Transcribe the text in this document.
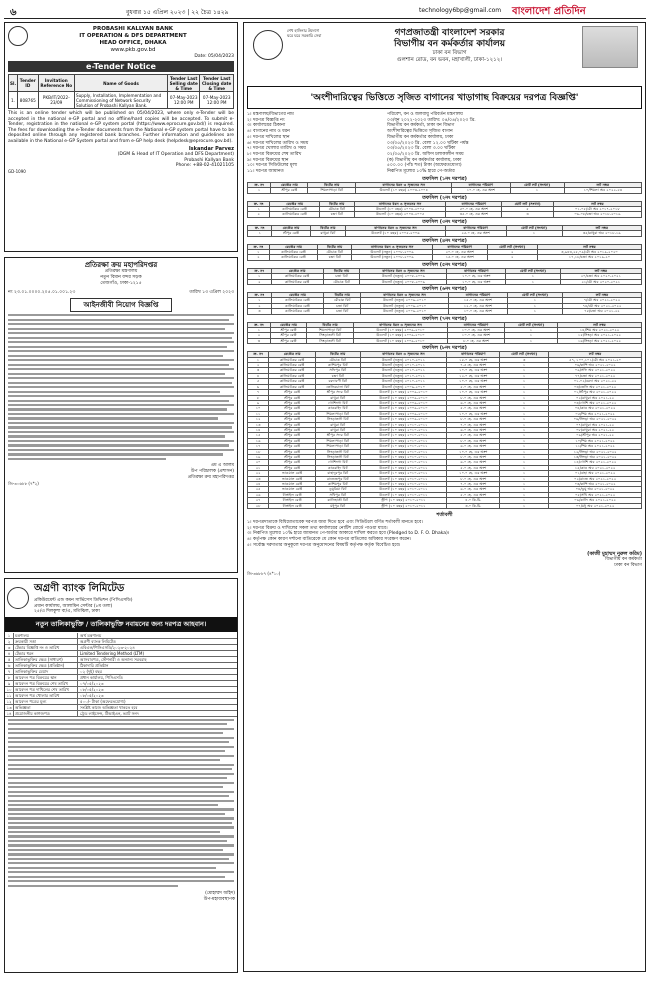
৬	বুধবার ১৫ এপ্রিল ২০২৩ | ২২ চৈত্র ১৪২৯	technology6bp@gmail.com বাংলাদেশ প্রতিদিন
PROBASHI KALLYAN BANK
IT OPERATION & DFS DEPARTMENT
HEAD OFFICE, DHAKA
www.pkb.gov.bd
Date: 05/04/2023
e-Tender Notice
Sl.	Tender ID	Invitation Reference No	Name of Goods	Tender Last Selling date & Time	Tender Last Closing date & Time
1.	808765	PKB/IT/2022-23/09	Supply, Installation, Implementation and Commissioning of Network Security Solution of Probashi Kallyan Bank.	07-May-2023 12:00 PM	07-May-2023 12:00 PM
This is an online tender which will be published on 05/04/2023, where only e-Tender will be accepted in the national e-GP portal and no offline/hard copies will be accepted. To submit e-Tender, registration in the national e-GP system portal (https://www.eprocure.gov.bd/) is required. The fees for downloading the e-Tender documents from the National e-GP system portal have to be deposited online through any registered bank branches. Further information and guidelines are available in the National e-GP System portal and from e-GP help desk (helpdesk@eprocure.gov.bd).
Iskandar Parvez
(DGM & Head of IT Operation and DFS Department)
Probashi Kallyan Bank
Phone: +88-02-41021105
GD-1090
প্রতিরক্ষা ক্রয় মহাপরিদপ্তর
প্রতিরক্ষা মন্ত্রণালয়
নতুন বিমান বন্দর সড়ক
তেজগাঁও, ঢাকা-১২১৫
নং ২৩.০১.০০০০.২০৫.০১.০০১.২৩	তারিখ ১৩ এপ্রিল ২০২৩
আইনজীবী নিয়োগ বিজ্ঞপ্তি
এম এ আলম
উপ পরিচালক (প্রশাসন)
প্রতিরক্ষা ক্রয় মহাপরিদপ্তর
জি-৩০৬৮৮ (৭*২)
অগ্রণী ব্যাংক লিমিটেড
প্রকিউরমেন্ট এন্ড কমন সার্ভিসেস ডিভিশন (পিসিএসডি)
প্রধান কার্যালয়, আলামিন সেন্টার (৮ম তলা)
২৫/এ দিলকুশা বা/এ, মতিঝিল, ঢাকা
নতুন তালিকাভুক্তি / তালিকাভুক্তি নবায়নের জন্য দরপত্র আহবান।
১	মন্ত্রণালয়	অর্থ মন্ত্রণালয়
২	ক্রয়কারী সত্তা	অগ্রণী ব্যাংক লিমিটেড
৩	টেন্ডার বিজ্ঞপ্তি নং ও তারিখ	এবিএল/পিসিএসডি/২০২৩-২০২৪
৪	টেন্ডার ধরন	Limited Tendering Method (LTM)
৫	তালিকাভুক্তির ক্ষেত্র (সাধারণ)	আসবাবপত্র, স্টেশনারী ও অন্যান্য সরবরাহ
৬	তালিকাভুক্তির ক্ষেত্র (প্রতিষ্ঠান)	ঠিকাদারি প্রতিষ্ঠান
৭	তালিকাভুক্তির মেয়াদ	০২ (দুই) বছর
৮	আবেদন পত্র বিক্রয়ের স্থান	প্রধান কার্যালয়, পিসিএসডি
৯	আবেদন পত্র বিক্রয়ের শেষ তারিখ	০৭/০৫/২০২৩
১০ আবেদন পত্র দাখিলের শেষ তারিখ	০৮/০৫/২০২৩
১১ আবেদন পত্র খোলার তারিখ	০৮/০৫/২০২৩
১২ আবেদন পত্রের মূল্য	৫০০/- টাকা (অফেরতযোগ্য)
১৩ অভিজ্ঞতা	সংশ্লিষ্ট কাজে অভিজ্ঞতা থাকতে হবে
১৪ প্রয়োজনীয় কাগজপত্র	ট্রেড লাইসেন্স, টিআইএন, ভ্যাট সনদ
(মোহাম্মদ অহিদ)
উপ-মহাব্যবস্থাপক
শেখ হাসিনার উদ্যোগ
ঘরে ঘরে সরকারি সেবা	গণপ্রজাতন্ত্রী বাংলাদেশ সরকার
বিভাগীয় বন কর্মকর্তার কার্যালয়
ঢাকা বন বিভাগ
গুলশান রোড, বন ভবন, মহাখালী, ঢাকা-১২১২।
'অংশীদারিত্বের ভিত্তিতে সৃজিত বাগানের খাড়াগাছ বিক্রয়ের দরপত্র বিজ্ঞপ্তি'
১। মন্ত্রণালয়/বিভাগের নাম	পরিবেশ, বন ও জলবায়ু পরিবর্তন মন্ত্রণালয়
২। দরপত্র বিজ্ঞপ্তি নং	০৩/বন ২০২২-২০২৩ তারিখ: ০৪/০৪/২০২৩ খ্রি.
৩। কার্যালয়ের ঠিকানা	বিভাগীয় বন কর্মকর্তা, ঢাকা বন বিভাগ
৪। বাগানের নাম ও ধরন	অংশীদারিত্বের ভিত্তিতে সৃজিত বাগান
৫। দরপত্র দাখিলের স্থান	বিভাগীয় বন কর্মকর্তার কার্যালয়, ঢাকা
৬। দরপত্র দাখিলের তারিখ ও সময়	০৩/০৫/২০২৩ খ্রি. বেলা ১২.০০ ঘটিকা পর্যন্ত
৭। দরপত্র খোলার তারিখ ও সময়	০৩/০৫/২০২৩ খ্রি. বেলা ৩.০০ ঘটিকা
৮। দরপত্র বিক্রয়ের শেষ তারিখ	০২/০৫/২০২৩ খ্রি. অফিস চলাকালীন সময়
৯। দরপত্র বিক্রয়ের স্থান	(ক) বিভাগীয় বন কর্মকর্তার কার্যালয়, ঢাকা
১০। দরপত্র সিডিউলের মূল্য	৫০০.০০ (পাঁচ শত) টাকা (অফেরতযোগ্য)
১১। দরপত্র জামানত	নিরূপিত মূল্যের ১০% হারে পে-অর্ডার
তফসিল (১নং দরপত্র)
ক্র. নং	রেঞ্জের নাম	বিটের নাম	বাগানের ধরন ও সৃজনের সন	বাগানের পরিমাণ	মোট লট (সংখ্যা)	লট নম্বর
১	শ্রীপুর রেঞ্জ	শিমলাপাড়া বিট	উডলট (১০ বছর) ২০০৩-২০০৪	১০.০ হে. এর অংশ	১	১০/শিমলা অব ২০২২-২৩
তফসিল (২নং দরপত্র)
ক্র. নং	রেঞ্জের নাম	বিটের নাম	বাগানের ধরন ও সৃজনের সন	বাগানের পরিমাণ	মোট লট (সংখ্যা)	লট নম্বর
১	কালিয়াকৈর রেঞ্জ	মৌচাক বিট	উডলট (১০ বছর) ২০০৪-২০০৫	৫০.০ হে. এর অংশ	৫	০১-০৫/মৌ অব ২০১৭-২০১৮
২	কালিয়াকৈর রেঞ্জ	চন্দ্রা বিট	উডলট (১০ বছর) ২০০৪-২০০৫	৩৫.০ হে. এর অংশ	৩	০৬-০৮/চন্দ্রা অব ২০১৮-২০১৯
তফসিল (৩নং দরপত্র)
ক্র. নং	রেঞ্জের নাম	বিটের নাম	বাগানের ধরন ও সৃজনের সন	বাগানের পরিমাণ	মোট লট (সংখ্যা)	লট নম্বর
১	শ্রীপুর রেঞ্জ	রাথুরা বিট	উডলট (১০ বছর) ২০০৫-২০০৬	২৫.০ হে. এর অংশ	১	৩৫/রাথুরা অব ২০১৮-১৯
তফসিল (৪নং দরপত্র)
ক্র. নং	রেঞ্জের নাম	বিটের নাম	বাগানের ধরন ও সৃজনের সন	বাগানের পরিমাণ	মোট লট (সংখ্যা)	লট নম্বর
১	কালিয়াকৈর রেঞ্জ	মৌচাক বিট	উডলট (নতুন) ২০০৮-২০০৯	২০.০ হে. এর অংশ	২	৩,৯৪৩,২৫,০৯/মৌ অব ২০১৯-২০২০
২	কালিয়াকৈর রেঞ্জ	চন্দ্রা বিট	উডলট (নতুন) ২০০৮-২০০৯	১৫.০ হে. এর অংশ	২	১৭,১৮/চন্দ্রা অব ২০১৯-২০
তফসিল (৫নং দরপত্র)
ক্র. নং	রেঞ্জের নাম	বিটের নাম	বাগানের ধরন ও সৃজনের সন	বাগানের পরিমাণ	মোট লট (সংখ্যা)	লট নম্বর
১	কালিয়াকৈর রেঞ্জ	চন্দ্রা বিট	উডলট (নতুন) ২০০৮-২০০৯	১০.০ হে. এর অংশ	১	২০/চন্দ্রা অব ২০২০-২০২১
২	কালিয়াকৈর রেঞ্জ	মৌচাক বিট	উডলট (নতুন) ২০০৮-২০০৯	১০.০ হে. এর অংশ	১	২১/মৌ অব ২০২০-২০২১
তফসিল (৬নং দরপত্র)
ক্র. নং	রেঞ্জের নাম	বিটের নাম	বাগানের ধরন ও সৃজনের সন	বাগানের পরিমাণ	মোট লট (সংখ্যা)	লট নম্বর
১	কালিয়াকৈর রেঞ্জ	মৌচাক বিট	উডলট (নতুন) ২০০৯-২০১০	১৫.০ হে. এর অংশ	১	৭/মৌ অব ২০২১-২০২২
২	কালিয়াকৈর রেঞ্জ	চন্দ্রা বিট	উডলট (নতুন) ২০০৯-২০১০	১২.০ হে. এর অংশ	১	৭৪/মৌ অব ২০২১-২০২২
৩	কালিয়াকৈর রেঞ্জ	চন্দ্রা বিট	উডলট (নতুন) ২০০৯-২০১০	১০.০ হে. এর অংশ	১	৭৫/চন্দ্রা অব ২০২১-২২
তফসিল (৭নং দরপত্র)
ক্র. নং	রেঞ্জের নাম	বিটের নাম	বাগানের ধরন ও সৃজনের সন	বাগানের পরিমাণ	মোট লট (সংখ্যা)	লট নম্বর
১	শ্রীপুর রেঞ্জ	শিমলাপাড়া বিট	উডলট (১০ বছর) ২০০৯-২০১০	১০.০ হে. এর অংশ	১	১৪/শিম অব ২০২১-২০২২
২	শ্রীপুর রেঞ্জ	সিংড়াতলী বিট	উডলট (১০ বছর) ২০০৯-২০১০	১০.০ হে. এর অংশ	১	১৫/সিংড়া অব ২০২১-২০২২
৩	শ্রীপুর রেঞ্জ	সিংড়াতলী বিট	উডলট (১০ বছর) ২০০৯-২০১০	৮.০ হে. এর অংশ	১	১৬/সিংড়া অব ২০২১-২০২২
তফসিল (৮নং দরপত্র)
ক্র. নং	রেঞ্জের নাম	বিটের নাম	বাগানের ধরন ও সৃজনের সন	বাগানের পরিমাণ	মোট লট (সংখ্যা)	লট নম্বর
১	কালিয়াকৈর রেঞ্জ	মৌচাক বিট	উডলট (নতুন) ২০১০-২০১১	১৫.০ হে. এর অংশ	৩	৫৭, ১০০,১০১/মৌ অব ২০২১-২০
২	কালিয়াকৈর রেঞ্জ	কাশিমপুর বিট	উডলট (নতুন) ২০১০-২০১১	৭.৫ হে. এর অংশ	১	০৬/কাশি অব ২০২১-২০২২
৩	কালিয়াকৈর রেঞ্জ	সফিপুর বিট	উডলট (নতুন) ২০১০-২০১১	১০.০ হে. এর অংশ	১	০৯/সফি অব ২০২১-২০২২
৪	কালিয়াকৈর রেঞ্জ	চন্দ্রা বিট	উডলট (নতুন) ২০১০-২০১১	১২.০ হে. এর অংশ	১	৭৭/চন্দ্রা অব ২০২১-২০২২
৫	কালিয়াকৈর রেঞ্জ	বরদাবর্ণী বিট	উডলট (নতুন) ২০১০-২০১১	১০.০ হে. এর অংশ	১	০১-০২/বরদা অব ২০২১-২২
৬	কালিয়াকৈর রেঞ্জ	তেলিরচালা বিট	উডলট (নতুন) ২০০৯-২০১০	৫.০ হে. এর অংশ	১	০৩/তেলি অব ২০২১-২০২২
৭	শ্রীপুর রেঞ্জ	শ্রীপুর সদর বিট	উডলট (১০ বছর) ২০০৯-২০১০	১০.০ হে. এর অংশ	১	০১/শ্রীপুর অব ২০২১-২০২২
৮	শ্রীপুর রেঞ্জ	রাথুরা বিট	উডলট (১০ বছর) ২০০৯-২০১০	৮.০ হে. এর অংশ	১	০২/রাথুরা অব ২০২১-২২
৯	শ্রীপুর রেঞ্জ	গোশিংগা বিট	উডলট (১০ বছর) ২০০৯-২০১০	৬.০ হে. এর অংশ	১	০৩/গোশি অব ২০২১-২০২২
১০	শ্রীপুর রেঞ্জ	কাওরাইদ বিট	উডলট (১০ বছর) ২০০৯-২০১০	৫.০ হে. এর অংশ	১	০৪/কাও অব ২০২১-২০২২
১১	শ্রীপুর রেঞ্জ	শিমলাপাড়া বিট	উডলট (১০ বছর) ২০০৯-২০১০	১০.০ হে. এর অংশ	১	০৫/শিম অব ২০২১-২০২২
১২	শ্রীপুর রেঞ্জ	সিংড়াতলী বিট	উডলট (১০ বছর) ২০০৯-২০১০	৮.০ হে. এর অংশ	১	০৬/সিংড়া অব ২০২১-২০২২
১৩	শ্রীপুর রেঞ্জ	রাথুরা বিট	উডলট (১০ বছর) ২০১০-২০১১	৭.০ হে. এর অংশ	১	০৭/রাথুরা অব ২০২১-২২
১৪	শ্রীপুর রেঞ্জ	রাথুরা বিট	উডলট (১০ বছর) ২০১০-২০১১	৬.০ হে. এর অংশ	১	০৮/রাথুরা অব ২০২১-২২
১৫	শ্রীপুর রেঞ্জ	শ্রীপুর সদর বিট	উডলট (১০ বছর) ২০১০-২০১১	৫.০ হে. এর অংশ	১	০৯/শ্রীপুর অব ২০২১-২২
১৬	শ্রীপুর রেঞ্জ	শিমলাপাড়া বিট	উডলট (১০ বছর) ২০১০-২০১১	৮.০ হে. এর অংশ	১	১০/শিম অব ২০২১-২০২২
১৭	শ্রীপুর রেঞ্জ	শিমলাপাড়া বিট	উডলট (১০ বছর) ২০১০-২০১১	৬.০ হে. এর অংশ	১	১১/শিম অব ২০২১-২০২২
১৮	শ্রীপুর রেঞ্জ	সিংড়াতলী বিট	উডলট (১০ বছর) ২০১০-২০১১	১০.০ হে. এর অংশ	১	১২/সিংড়া অব ২০২১-২০২২
১৯	শ্রীপুর রেঞ্জ	সিংড়াতলী বিট	উডলট (১০ বছর) ২০১০-২০১১	৮.০ হে. এর অংশ	১	১৩/সিংড়া অব ২০২১-২০২২
২০	শ্রীপুর রেঞ্জ	গোশিংগা বিট	উডলট (১০ বছর) ২০১০-২০১১	৬.০ হে. এর অংশ	১	১৪/গোশি অব ২০২১-২০২২
২১	শ্রীপুর রেঞ্জ	কাওরাইদ বিট	উডলট (১০ বছর) ২০১০-২০১১	৫.০ হে. এর অংশ	১	১৫/কাও অব ২০২১-২০২২
২২	ভাওয়াল রেঞ্জ	বাহাদুরপুর বিট	উডলট (১০ বছর) ২০১০-২০১১	১০.০ হে. এর অংশ	১	০১/বাহা অব ২০২১-২০২২
২৩	ভাওয়াল রেঞ্জ	রাজেন্দ্রপুর বিট	উডলট (১০ বছর) ২০১০-২০১১	৮.০ হে. এর অংশ	১	০২/রাজে অব ২০২১-২০২২
২৪	ভাওয়াল রেঞ্জ	কাশিমপুর বিট	উডলট (১০ বছর) ২০১০-২০১১	৭.০ হে. এর অংশ	১	০৩/কাশি অব ২০২১-২০২২
২৫	ভাওয়াল রেঞ্জ	ডুমুরিয়া বিট	উডলট (১০ বছর) ২০১০-২০১১	৬.০ হে. এর অংশ	১	০৪/ডুমু অব ২০২১-২০২২
২৬	টাঙ্গাইল রেঞ্জ	সখিপুর বিট	উডলট (১০ বছর) ২০১০-২০১১	৫.০ হে. এর অংশ	১	০৫/সখি অব ২০২১-২০২২
২৭	টাঙ্গাইল রেঞ্জ	কালিহাতী বিট	স্ট্রীপ (১০ বছর) ২০১০-২০১১	৪.০ কি.মি.	১	০৬/কালি অব ২০২১-২০২২
২৮	টাঙ্গাইল রেঞ্জ	মধুপুর বিট	স্ট্রীপ (১০ বছর) ২০১০-২০১১	৩.০ কি.মি.	১	০৭/মধু অব ২০২১-২০২২
শর্তাবলী

১। দরপত্রদাতাকে বিধিমোতাবেক দরপত্র জমা দিতে হবে এবং সিডিউলে বর্ণিত শর্তাবলী মানতে হবে।

২। দরপত্র বিক্রয় ও দাখিলের সকল তথ্য কার্যালয়ের নোটিশ বোর্ডে পাওয়া যাবে।

৩। নিরূপিত মূল্যের ১০% হারে জামানত পে-অর্ডার আকারে দাখিল করতে হবে (Pledged to D. F. O. Dhaka)।

৪। কর্তৃপক্ষ কোন কারণ দর্শানো ব্যতিরেকে যে কোন দরপত্র বাতিলের অধিকার সংরক্ষণ করেন।

৫। সর্বোচ্চ দরদাতার অনুকূলে দরপত্র অনুমোদনের বিষয়টি কর্তৃপক্ষ কর্তৃক বিবেচিত হবে।

(কাজী মুহাম্মদ নুরুল করিম)
বিভাগীয় বন কর্মকর্তা
ঢাকা বন বিভাগ
জি-৩৬৮৮৭ (৪*১০)
